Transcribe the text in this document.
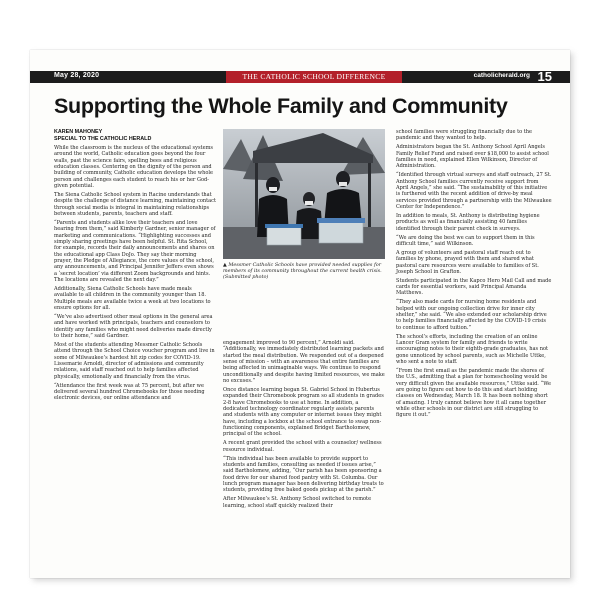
May 28, 2020	THE CATHOLIC SCHOOL DIFFERENCE	catholicherald.org 15
Supporting the Whole Family and Community
KAREN MAHONEY
SPECIAL TO THE CATHOLIC HERALD

While the classroom is the nucleus of the educational systems around the world, Catholic education goes beyond the four walls, past the science fairs, spelling bees and religious education classes. Centering on the dignity of the person and building of community, Catholic education develops the whole person and challenges each student to reach his or her God-given potential.

The Siena Catholic School system in Racine understands that despite the challenge of distance learning, maintaining contact through social media is integral in maintaining relationships between students, parents, teachers and staff.

“Parents and students alike love their teachers and love hearing from them,” said Kimberly Gardner, senior manager of marketing and communications. “Highlighting successes and simply sharing greetings have been helpful. St. Rita School, for example, records their daily announcements and shares on the educational app Class DoJo. They say their morning prayer, the Pledge of Allegiance, the core values of the school, any announcements, and Principal Jennifer Jeffers even shows a ‘secret location’ via different Zoom backgrounds and hints. The locations are revealed the next day.”

Additionally, Siena Catholic Schools have made meals available to all children in the community younger than 18. Multiple meals are available twice a week at two locations to ensure options for all.

“We’ve also advertised other meal options in the general area and have worked with principals, teachers and counselors to identify any families who might need deliveries made directly to their home,” said Gardner.

Most of the students attending Messmer Catholic Schools attend through the School Choice voucher program and live in some of Milwaukee’s hardest hit zip codes for COVID-19. Lissemarie Arnoldi, director of admissions and community relations, said staff reached out to help families affected physically, emotionally and financially from the virus.

“Attendance the first week was at 75 percent, but after we delivered several hundred Chromebooks for those needing electronic devices, our online attendance and

▲ Messmer Catholic Schools have provided needed supplies for members of its community throughout the current health crisis. (Submitted photo)

engagement improved to 90 percent,” Arnoldi said. “Additionally, we immediately distributed learning packets and started the meal distribution. We responded out of a deepened sense of mission – with an awareness that entire families are being affected in unimaginable ways. We continue to respond unconditionally and despite having limited resources, we make no excuses.”

Once distance learning began St. Gabriel School in Hubertus expanded their Chromebook program so all students in grades 2-8 have Chromebooks to use at home. In addition, a dedicated technology coordinator regularly assists parents and students with any computer or internet issues they might have, including a lockbox at the school entrance to swap non-functioning components, explained Bridget Bartholomew, principal of the school.

A recent grant provided the school with a counselor/ wellness resource individual.

“This individual has been available to provide support to students and families, consulting as needed if issues arise,” said Bartholomew, adding, “Our parish has been sponsoring a food drive for our shared food pantry with St. Columba. Our lunch program manager has been delivering birthday treats to students, providing free baked goods pickup at the parish.”

After Milwaukee’s St. Anthony School switched to remote learning, school staff quickly realized their

school families were struggling financially due to the pandemic and they wanted to help.

Administrators began the St. Anthony School April Angels Family Relief Fund and raised over $18,000 to assist school families in need, explained Ellen Wilkinson, Director of Administration.

“Identified through virtual surveys and staff outreach, 27 St. Anthony School families currently receive support from April Angels,” she said. “The sustainability of this initiative is furthered with the recent addition of drive-by meal services provided through a partnership with the Milwaukee Center for Independence.”

In addition to meals, St. Anthony is distributing hygiene products as well as financially assisting 40 families identified through their parent check in surveys.

“We are doing the best we can to support them in this difficult time,” said Wilkinson.

A group of volunteers and pastoral staff reach out to families by phone, prayed with them and shared what pastoral care resources were available to families of St. Joseph School in Grafton.

Students participated in the Kapco Hero Mail Call and made cards for essential workers, said Principal Amanda Matthews.

“They also made cards for nursing home residents and helped with our ongoing collection drive for inner city shelter,” she said. “We also extended our scholarship drive to help families financially affected by the COVID-19 crisis to continue to afford tuition.”

The school’s efforts, including the creation of an online Lancer Gram system for family and friends to write encouraging notes to their eighth-grade graduates, has not gone unnoticed by school parents, such as Michelle Uttke, who sent a note to staff.

“From the first email as the pandemic made the shores of the U.S., admitting that a plan for homeschooling would be very difficult given the available resources,” Uttke said. “We are going to figure out how to do this and start holding classes on Wednesday, March 18. It has been nothing short of amazing. I truly cannot believe how it all came together while other schools in our district are still struggling to figure it out.”
